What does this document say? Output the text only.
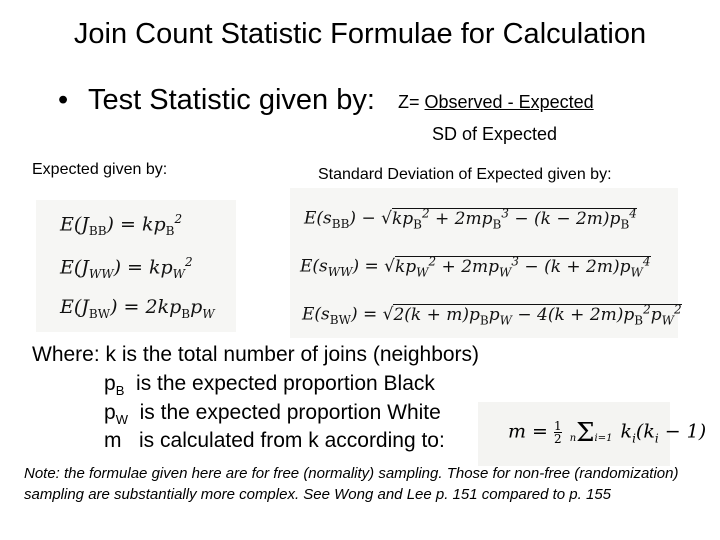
Join Count Statistic Formulae for Calculation
• Test Statistic given by: Z= Observed - Expected
SD of Expected
Expected given by:	Standard Deviation of Expected given by:
$E(J_{BB}) = kp_B^2$
$E(J_{WW}) = kp_W^2$
$E(J_{BW}) = 2kp_Bp_W$
$E(s_{BB}) - √kp_B^2 + 2mp_B^3 - (k - 2m)p_B^4$
$E(s_{WW}) = √kp_W^2 + 2mp_W^3 - (k + 2m)p_W^4$
$E(s_{BW}) = √2(k + m)p_Bp_W - 4(k + 2m)p_B^2p_W^2$
Where: k is the total number of joins (neighbors)
$p_B$ is the expected proportion Black
$p_W$ is the expected proportion White
m is calculated from k according to:	$m = \frac{1}{2} n\Sigma i=1$ $k_i(k_i - 1)$
Note: the formulae given here are for free (normality) sampling. Those for non-free (randomization) sampling are substantially more complex. See Wong and Lee p. 151 compared to p. 155
